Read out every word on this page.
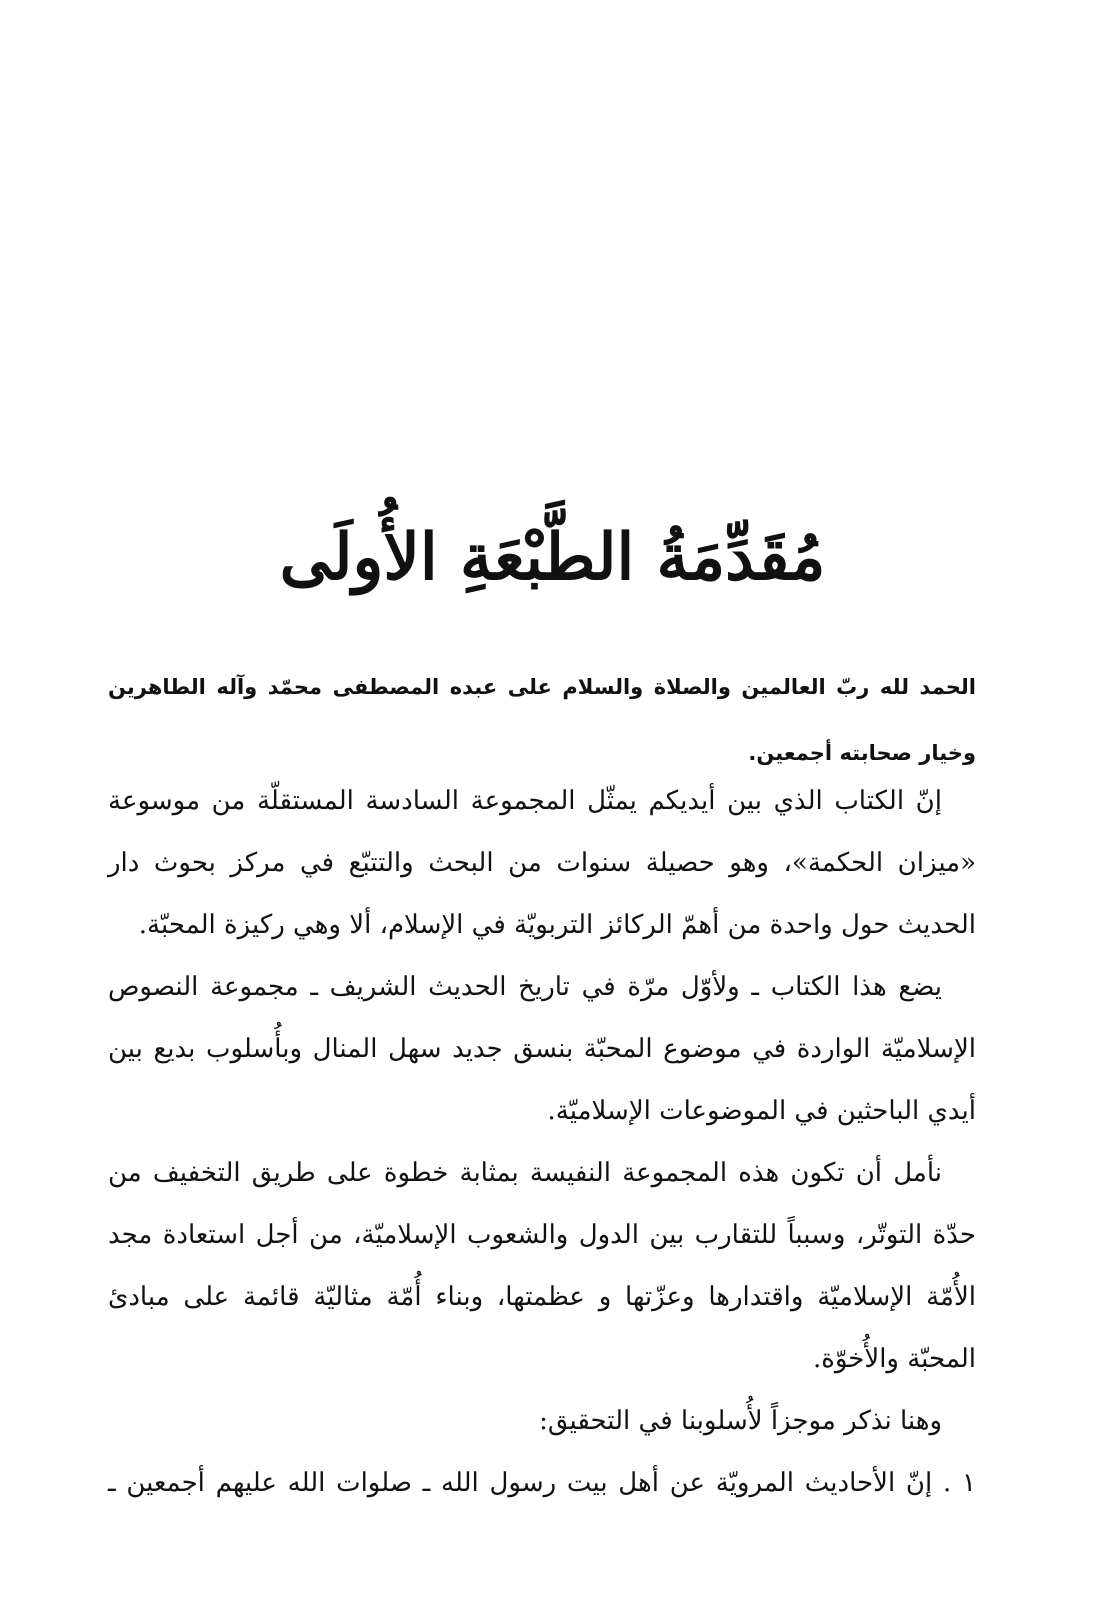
مُقَدِّمَةُ الطَّبْعَةِ الأُولَى
الحمد لله ربّ العالمين والصلاة والسلام على عبده المصطفى محمّد وآله الطاهرين وخيار صحابته أجمعين.

إنّ الكتاب الذي بين أيديكم يمثّل المجموعة السادسة المستقلّة من موسوعة «ميزان الحكمة»، وهو حصيلة سنوات من البحث والتتبّع في مركز بحوث دار الحديث حول واحدة من أهمّ الركائز التربويّة في الإسلام، ألا وهي ركيزة المحبّة.

يضع هذا الكتاب ـ ولأوّل مرّة في تاريخ الحديث الشريف ـ مجموعة النصوص الإسلاميّة الواردة في موضوع المحبّة بنسق جديد سهل المنال وبأُسلوب بديع بين أيدي الباحثين في الموضوعات الإسلاميّة.

نأمل أن تكون هذه المجموعة النفيسة بمثابة خطوة على طريق التخفيف من حدّة التوتّر، وسبباً للتقارب بين الدول والشعوب الإسلاميّة، من أجل استعادة مجد الأُمّة الإسلاميّة واقتدارها وعزّتها و عظمتها، وبناء أُمّة مثاليّة قائمة على مبادئ المحبّة والأُخوّة.

وهنا نذكر موجزاً لأُسلوبنا في التحقيق:

١ . إنّ الأحاديث المرويّة عن أهل بيت رسول الله ـ صلوات الله عليهم أجمعين ـ
